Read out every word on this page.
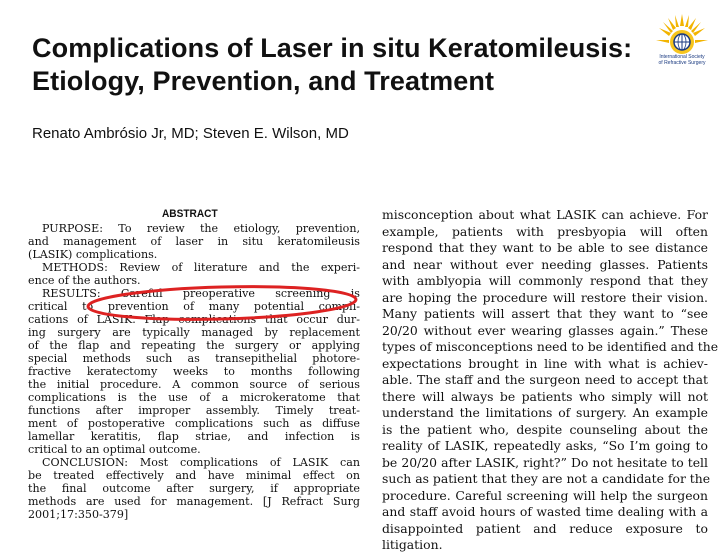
Complications of Laser in situ Keratomileusis:
Etiology, Prevention, and Treatment
International Society
of Refractive Surgery

Renato Ambrósio Jr, MD; Steven E. Wilson, MD

ABSTRACT

PURPOSE: To review the etiology, prevention,
and management of laser in situ keratomileusis
(LASIK) complications.
METHODS: Review of literature and the experi-
ence of the authors.
RESULTS: Careful preoperative screening is
critical to prevention of many potential compli-
cations of LASIK. Flap complications that occur dur-
ing surgery are typically managed by replacement
of the flap and repeating the surgery or applying
special methods such as transepithelial photore-
fractive keratectomy weeks to months following
the initial procedure. A common source of serious
complications is the use of a microkeratome that
functions after improper assembly. Timely treat-
ment of postoperative complications such as diffuse
lamellar keratitis, flap striae, and infection is
critical to an optimal outcome.
CONCLUSION: Most complications of LASIK can
be treated effectively and have minimal effect on
the final outcome after surgery, if appropriate
methods are used for management. [J Refract Surg
2001;17:350-379]
misconception about what LASIK can achieve. For
example, patients with presbyopia will often
respond that they want to be able to see distance
and near without ever needing glasses. Patients
with amblyopia will commonly respond that they
are hoping the procedure will restore their vision.
Many patients will assert that they want to “see
20/20 without ever wearing glasses again.” These
types of misconceptions need to be identified and the
expectations brought in line with what is achiev-
able. The staff and the surgeon need to accept that
there will always be patients who simply will not
understand the limitations of surgery. An example
is the patient who, despite counseling about the
reality of LASIK, repeatedly asks, “So I’m going to
be 20/20 after LASIK, right?” Do not hesitate to tell
such as patient that they are not a candidate for the
procedure. Careful screening will help the surgeon
and staff avoid hours of wasted time dealing with a
disappointed patient and reduce exposure to
litigation.
